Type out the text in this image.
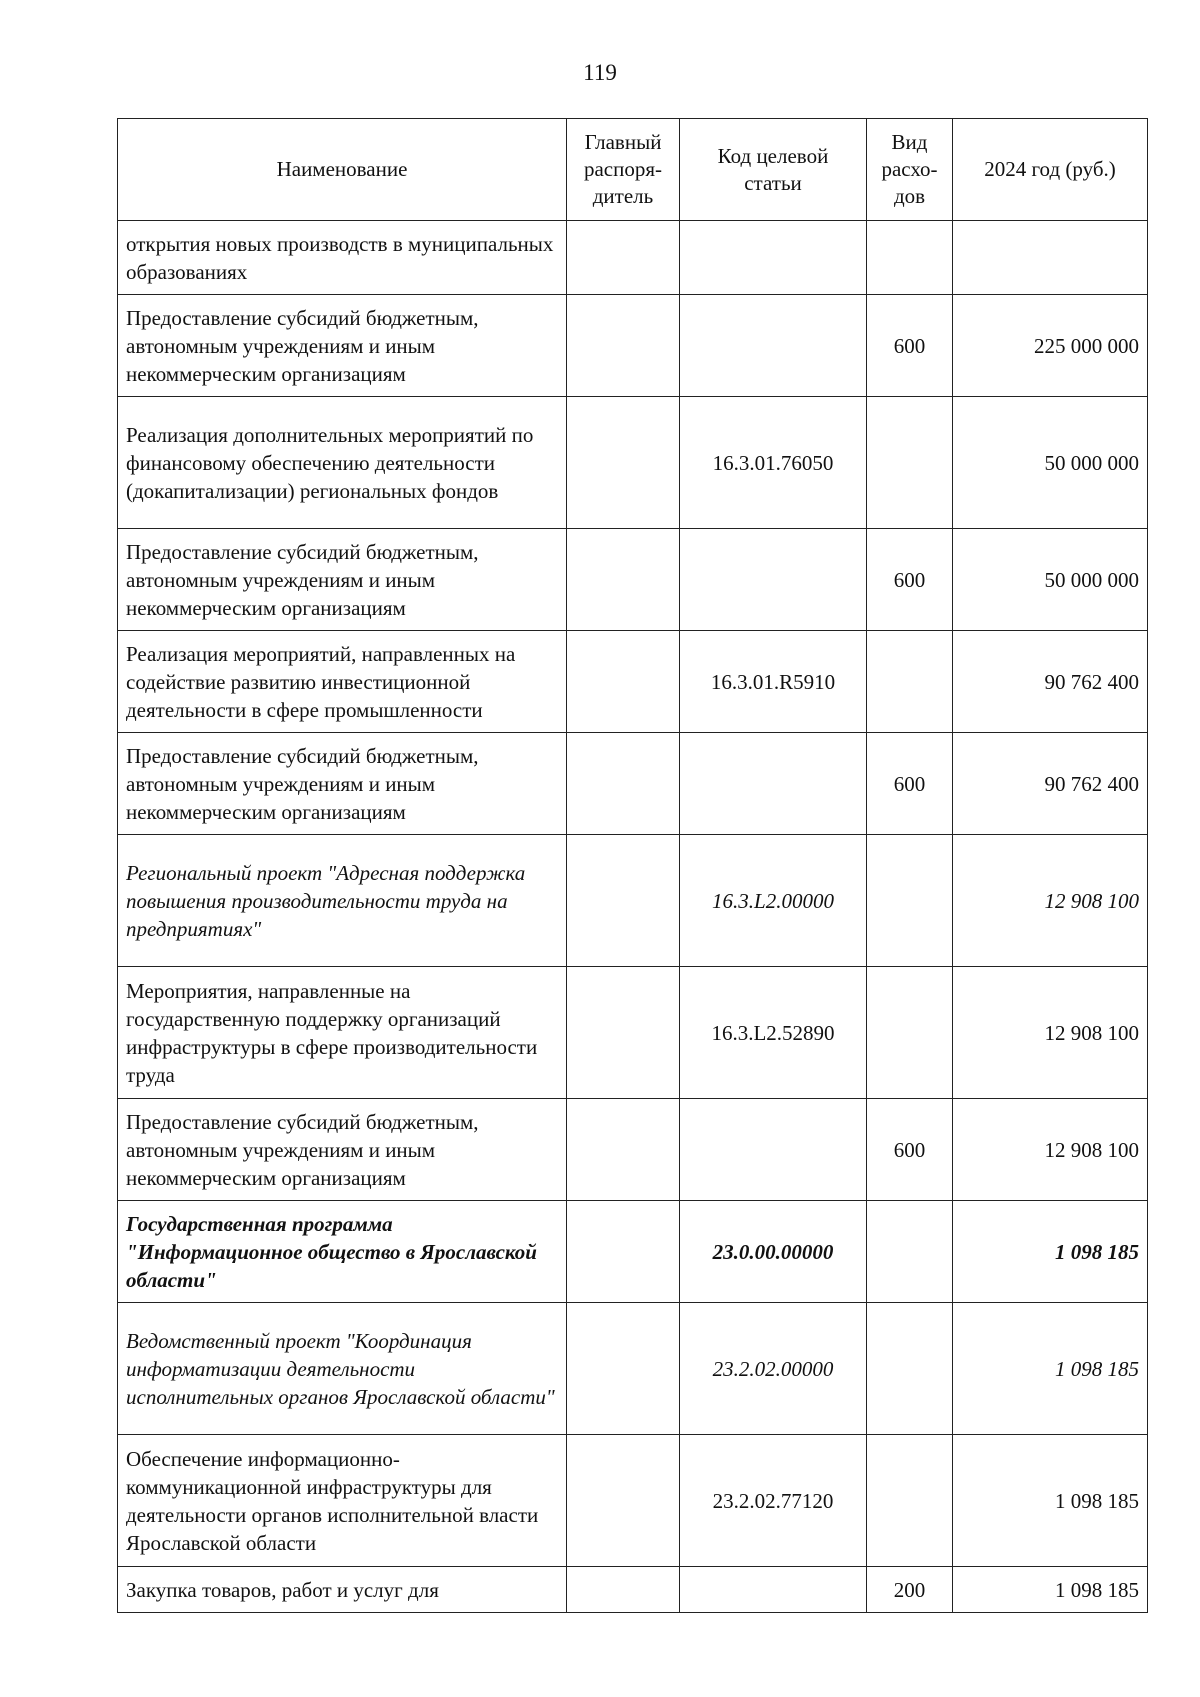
119
Наименование	Главный распоря-дитель	Код целевой статьи	Вид расхо-дов	2024 год (руб.)
открытия новых производств в муниципальных образованиях				
Предоставление субсидий бюджетным, автономным учреждениям и иным некоммерческим организациям			600	225 000 000
Реализация дополнительных мероприятий по финансовому обеспечению деятельности (докапитализации) региональных фондов		16.3.01.76050		50 000 000
Предоставление субсидий бюджетным, автономным учреждениям и иным некоммерческим организациям			600	50 000 000
Реализация мероприятий, направленных на содействие развитию инвестиционной деятельности в сфере промышленности		16.3.01.R5910		90 762 400
Предоставление субсидий бюджетным, автономным учреждениям и иным некоммерческим организациям			600	90 762 400
Региональный проект "Адресная поддержка повышения производительности труда на предприятиях"		16.3.L2.00000		12 908 100
Мероприятия, направленные на государственную поддержку организаций инфраструктуры в сфере производительности труда		16.3.L2.52890		12 908 100
Предоставление субсидий бюджетным, автономным учреждениям и иным некоммерческим организациям			600	12 908 100
Государственная программа "Информационное общество в Ярославской области"		23.0.00.00000		1 098 185
Ведомственный проект "Координация информатизации деятельности исполнительных органов Ярославской области"		23.2.02.00000		1 098 185
Обеспечение информационно-коммуникационной инфраструктуры для деятельности органов исполнительной власти Ярославской области		23.2.02.77120		1 098 185
Закупка товаров, работ и услуг для			200	1 098 185
